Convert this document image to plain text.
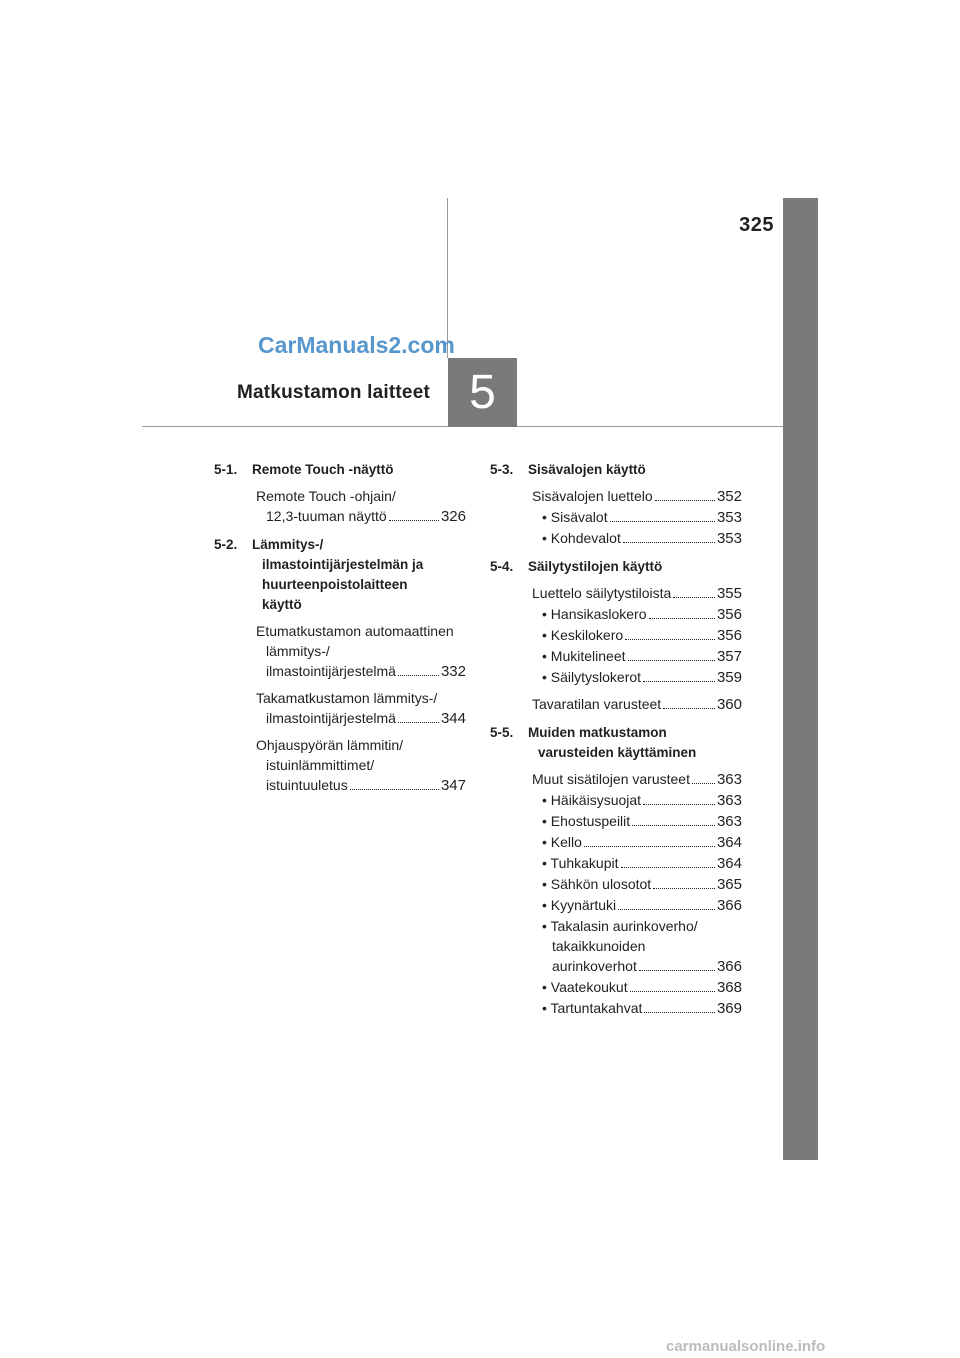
325
5
Matkustamon laitteet
CarManuals2.com
carmanualsonline.info
5-1.	Remote Touch -näyttö
Remote Touch -ohjain/
12,3-tuuman näyttö	326
5-2.	Lämmitys-/
ilmastointijärjestelmän ja
huurteenpoistolaitteen
käyttö
Etumatkustamon automaattinen
lämmitys-/
ilmastointijärjestelmä	332
Takamatkustamon lämmitys-/
ilmastointijärjestelmä	344
Ohjauspyörän lämmitin/
istuinlämmittimet/
istuintuuletus	347
5-3.	Sisävalojen käyttö
Sisävalojen luettelo	352
• Sisävalot	353
• Kohdevalot	353
5-4.	Säilytystilojen käyttö
Luettelo säilytystiloista	355
• Hansikaslokero	356
• Keskilokero	356
• Mukitelineet	357
• Säilytyslokerot	359
Tavaratilan varusteet	360
5-5.	Muiden matkustamon
varusteiden käyttäminen
Muut sisätilojen varusteet 363
• Häikäisysuojat	363
• Ehostuspeilit	363
• Kello	364
• Tuhkakupit	364
• Sähkön ulosotot	365
• Kyynärtuki	366
• Takalasin aurinkoverho/
takaikkunoiden
aurinkoverhot	366
• Vaatekoukut	368
• Tartuntakahvat	369
